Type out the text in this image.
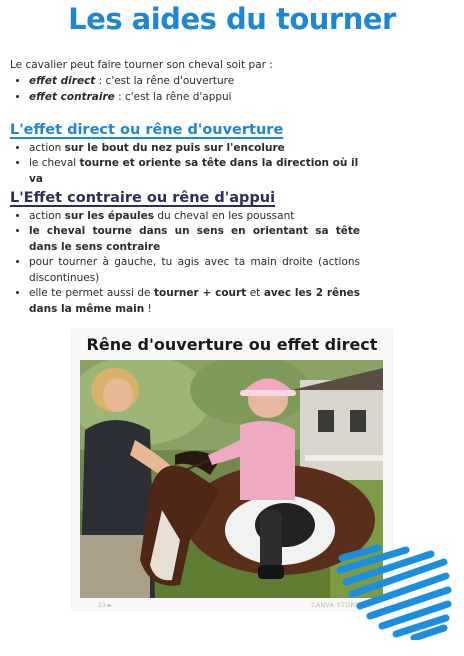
Les aides du tourner
Le cavalier peut faire tourner son cheval soit par :
• effet direct : c'est la rêne d'ouverture
• effet contraire : c'est la rêne d'appui
L'effet direct ou rêne d'ouverture
• action sur le bout du nez puis sur l'encolure
• le cheval tourne et oriente sa tête dans la direction où il va
L'Effet contraire ou rêne d'appui
• action sur les épaules du cheval en les poussant
• le cheval tourne dans un sens en orientant sa tête dans le sens contraire
• pour tourner à gauche, tu agis avec ta main droite (actions discontinues)
• elle te permet aussi de tourner + court et avec les 2 rênes dans la même main !
Rêne d'ouverture ou effet direct
23 ►	CANVA STORIES
